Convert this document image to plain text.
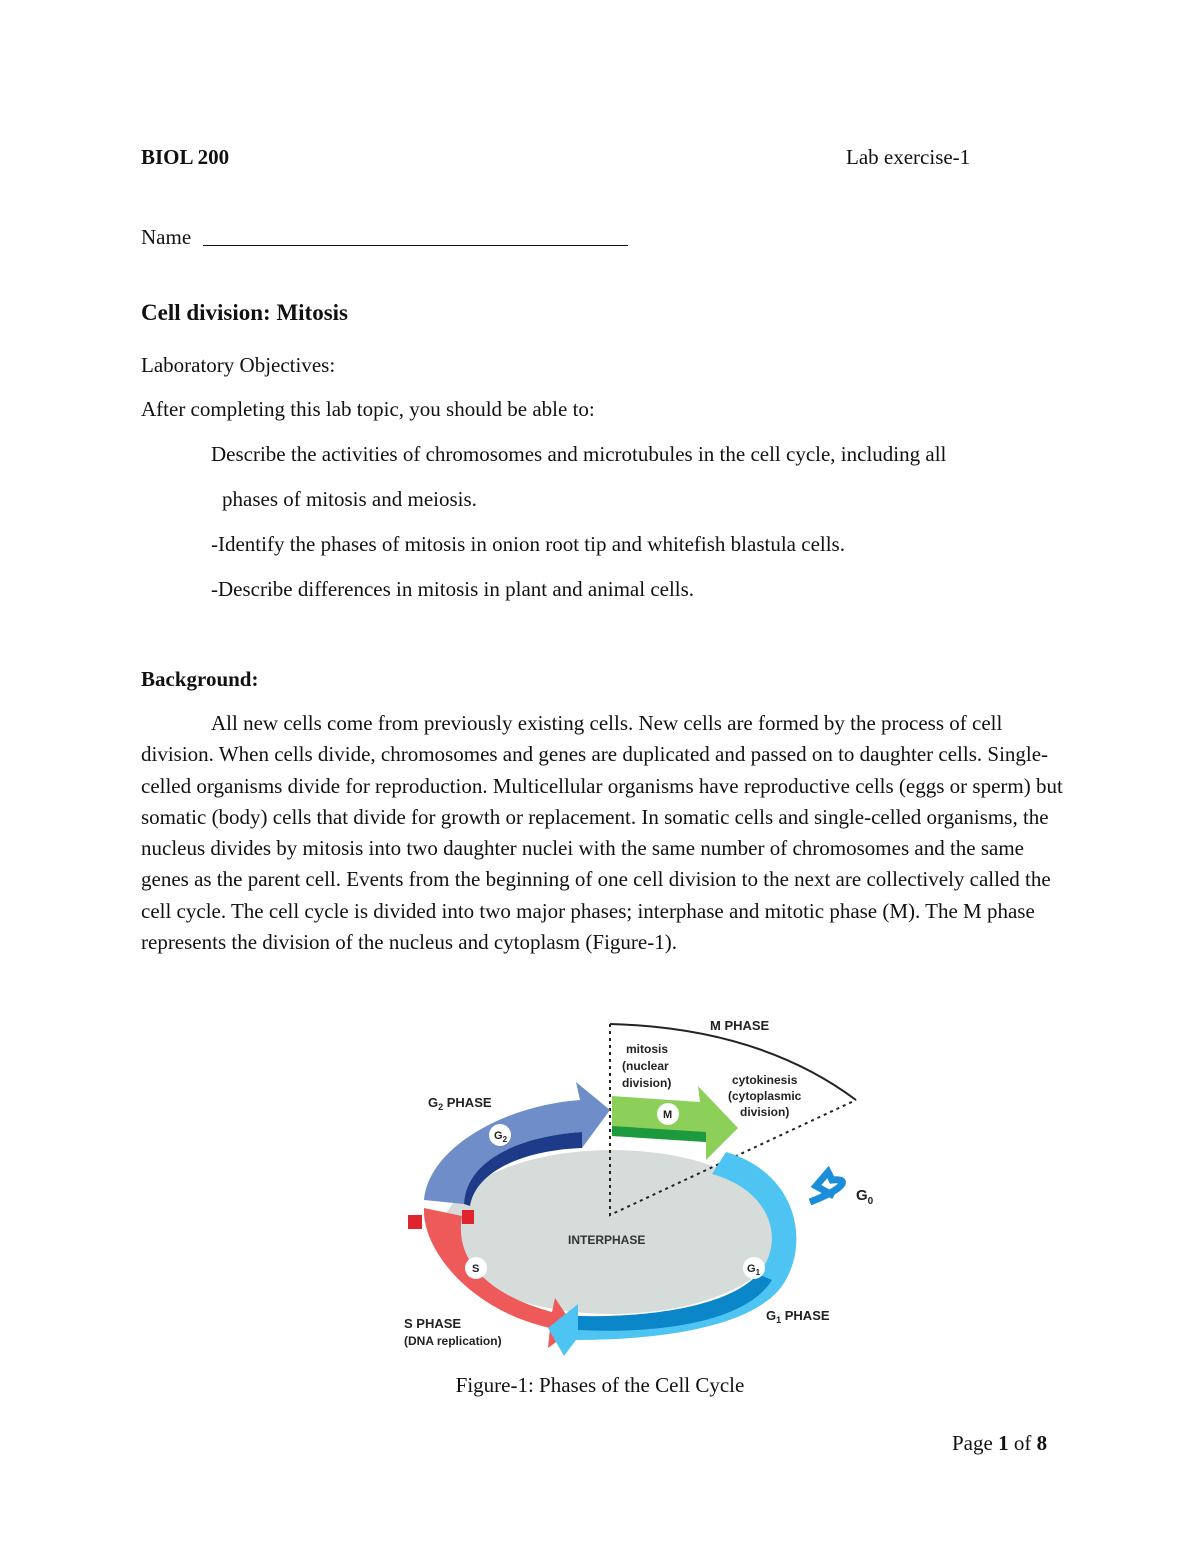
BIOL 200	Lab exercise-1
Name
Cell division: Mitosis
Laboratory Objectives:
After completing this lab topic, you should be able to:
Describe the activities of chromosomes and microtubules in the cell cycle, including all
phases of mitosis and meiosis.
-Identify the phases of mitosis in onion root tip and whitefish blastula cells.
-Describe differences in mitosis in plant and animal cells.
Background:
All new cells come from previously existing cells. New cells are formed by the process of cell division. When cells divide, chromosomes and genes are duplicated and passed on to daughter cells. Single-celled organisms divide for reproduction. Multicellular organisms have reproductive cells (eggs or sperm) but somatic (body) cells that divide for growth or replacement. In somatic cells and single-celled organisms, the nucleus divides by mitosis into two daughter nuclei with the same number of chromosomes and the same genes as the parent cell. Events from the beginning of one cell division to the next are collectively called the cell cycle. The cell cycle is divided into two major phases; interphase and mitotic phase (M). The M phase represents the division of the nucleus and cytoplasm (Figure-1).
M PHASE
mitosis
(nuclear
division)	cytokinesis
(cytoplasmic
division)
$G_2$ PHASE
$G_2$
M
$G_0$
INTERPHASE
S	$G_1$
$G_1$ PHASE
S PHASE
(DNA replication)
Figure-1: Phases of the Cell Cycle
Page 1 of 8
